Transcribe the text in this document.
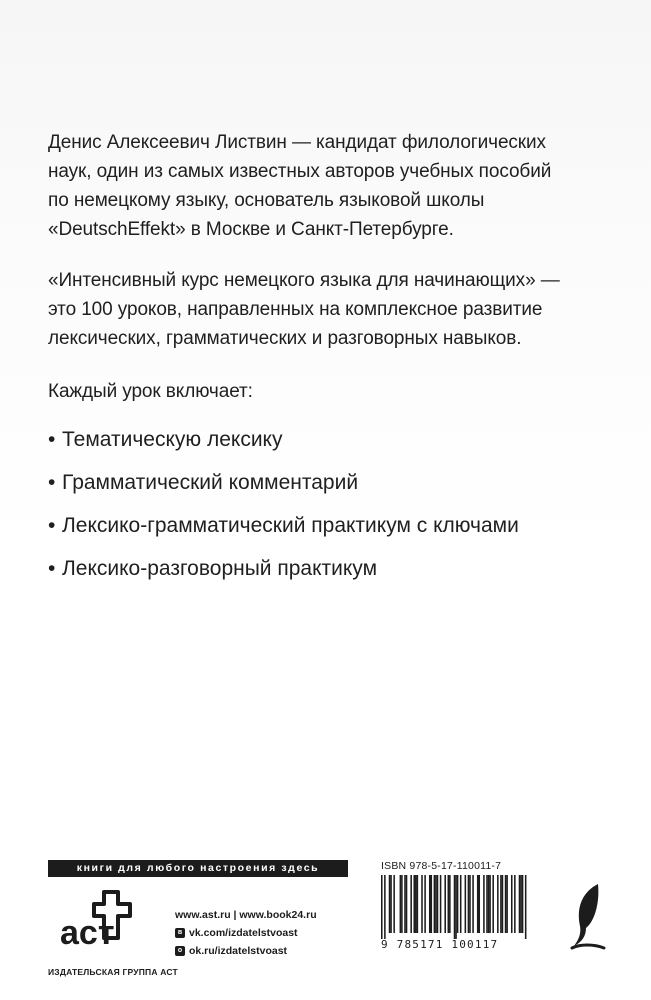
Денис Алексеевич Листвин — кандидат филологических

наук, один из самых известных авторов учебных пособий

по немецкому языку, основатель языковой школы

«DeutschEffekt» в Москве и Санкт-Петербурге.

«Интенсивный курс немецкого языка для начинающих» —

это 100 уроков, направленных на комплексное развитие

лексических, грамматических и разговорных навыков.

Каждый урок включает:
• Тематическую лексику
• Грамматический комментарий
• Лексико-грамматический практикум с ключами
• Лексико-разговорный практикум
книги для любого настроения здесь
аст
ИЗДАТЕЛЬСКАЯ ГРУППА АСТ
www.ast.ru | www.book24.ru
в vk.com/izdatelstvoast
о ok.ru/izdatelstvoast
ISBN 978-5-17-110011-7
9 785171 100117
